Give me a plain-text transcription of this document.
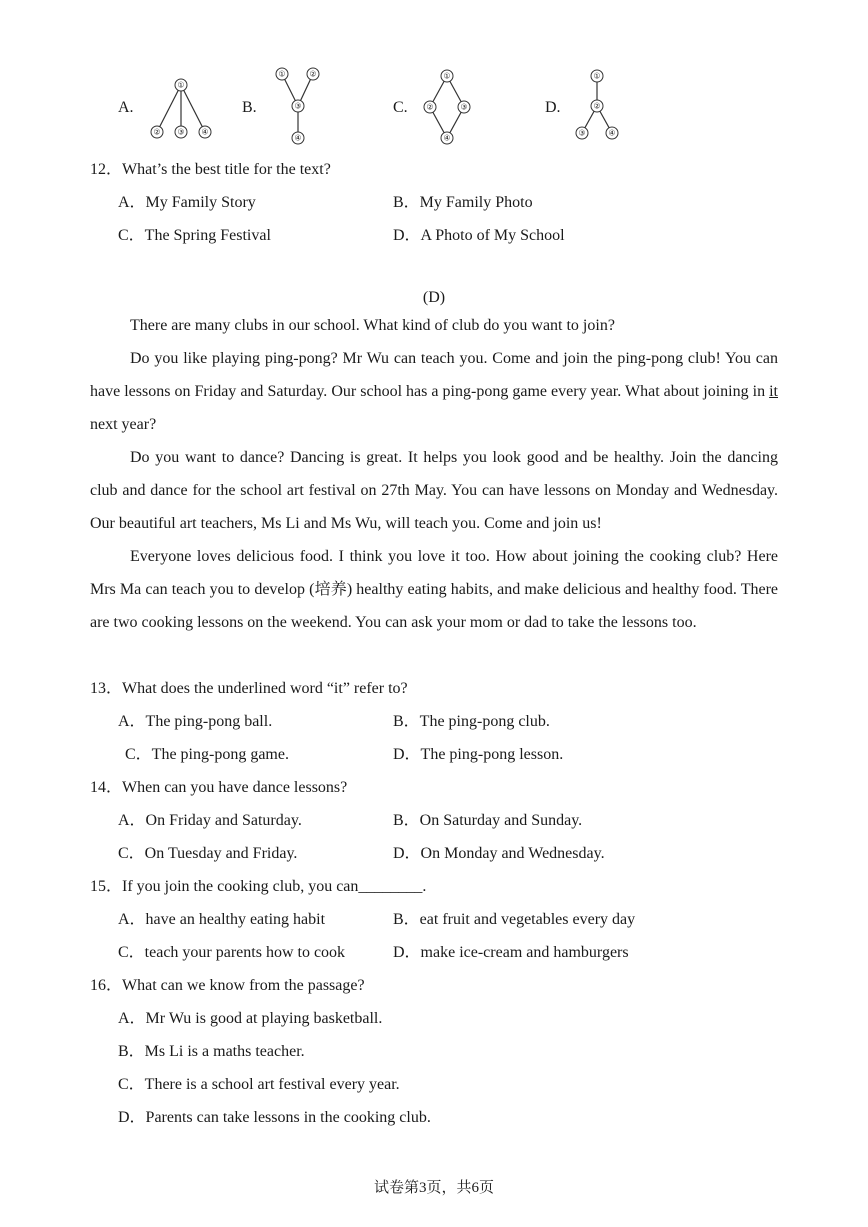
A.
①
② ③ ④
B.
①	②
③
④
C.
①
②	③
④
D.
①
②
③	④
12．What’s the best title for the text?
A．My Family Story	B．My Family Photo
C．The Spring Festival	D．A Photo of My School
(D)
There are many clubs in our school. What kind of club do you want to join?
Do you like playing ping-pong? Mr Wu can teach you. Come and join the ping-pong club! You can have lessons on Friday and Saturday. Our school has a ping-pong game every year. What about joining in it next year?
Do you want to dance? Dancing is great. It helps you look good and be healthy. Join the dancing club and dance for the school art festival on 27th May. You can have lessons on Monday and Wednesday. Our beautiful art teachers, Ms Li and Ms Wu, will teach you. Come and join us!
Everyone loves delicious food. I think you love it too. How about joining the cooking club? Here Mrs Ma can teach you to develop (培养) healthy eating habits, and make delicious and healthy food. There are two cooking lessons on the weekend. You can ask your mom or dad to take the lessons too.
13．What does the underlined word “it” refer to?
A．The ping-pong ball.	B．The ping-pong club.
C．The ping-pong game.	D．The ping-pong lesson.
14．When can you have dance lessons?
A．On Friday and Saturday.	B．On Saturday and Sunday.
C．On Tuesday and Friday.	D．On Monday and Wednesday.
15．If you join the cooking club, you can________.
A．have an healthy eating habit	B．eat fruit and vegetables every day
C．teach your parents how to cook	D．make ice-cream and hamburgers
16．What can we know from the passage?
A．Mr Wu is good at playing basketball.
B．Ms Li is a maths teacher.
C．There is a school art festival every year.
D．Parents can take lessons in the cooking club.
试卷第3页，共6页
